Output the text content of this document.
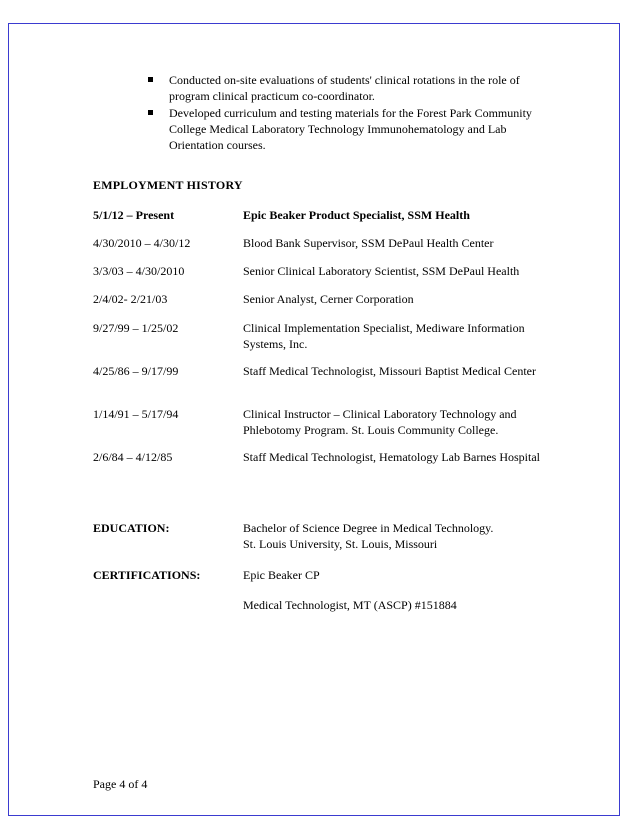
Conducted on-site evaluations of students' clinical rotations in the role of program clinical practicum co-coordinator.
Developed curriculum and testing materials for the Forest Park Community College Medical Laboratory Technology Immunohematology and Lab Orientation courses.
EMPLOYMENT HISTORY
5/1/12 – Present	Epic Beaker Product Specialist, SSM Health
4/30/2010 – 4/30/12	Blood Bank Supervisor, SSM DePaul Health Center
3/3/03 – 4/30/2010	Senior Clinical Laboratory Scientist, SSM DePaul Health
2/4/02- 2/21/03	Senior Analyst, Cerner Corporation
9/27/99 – 1/25/02	Clinical Implementation Specialist, Mediware Information Systems, Inc.
4/25/86 – 9/17/99	Staff Medical Technologist, Missouri Baptist Medical Center
1/14/91 – 5/17/94	Clinical Instructor – Clinical Laboratory Technology and Phlebotomy Program. St. Louis Community College.
2/6/84 – 4/12/85	Staff Medical Technologist, Hematology Lab Barnes Hospital
EDUCATION:	Bachelor of Science Degree in Medical Technology.
St. Louis University, St. Louis, Missouri
CERTIFICATIONS:	Epic Beaker CP
Medical Technologist, MT (ASCP) #151884
Page 4 of 4
